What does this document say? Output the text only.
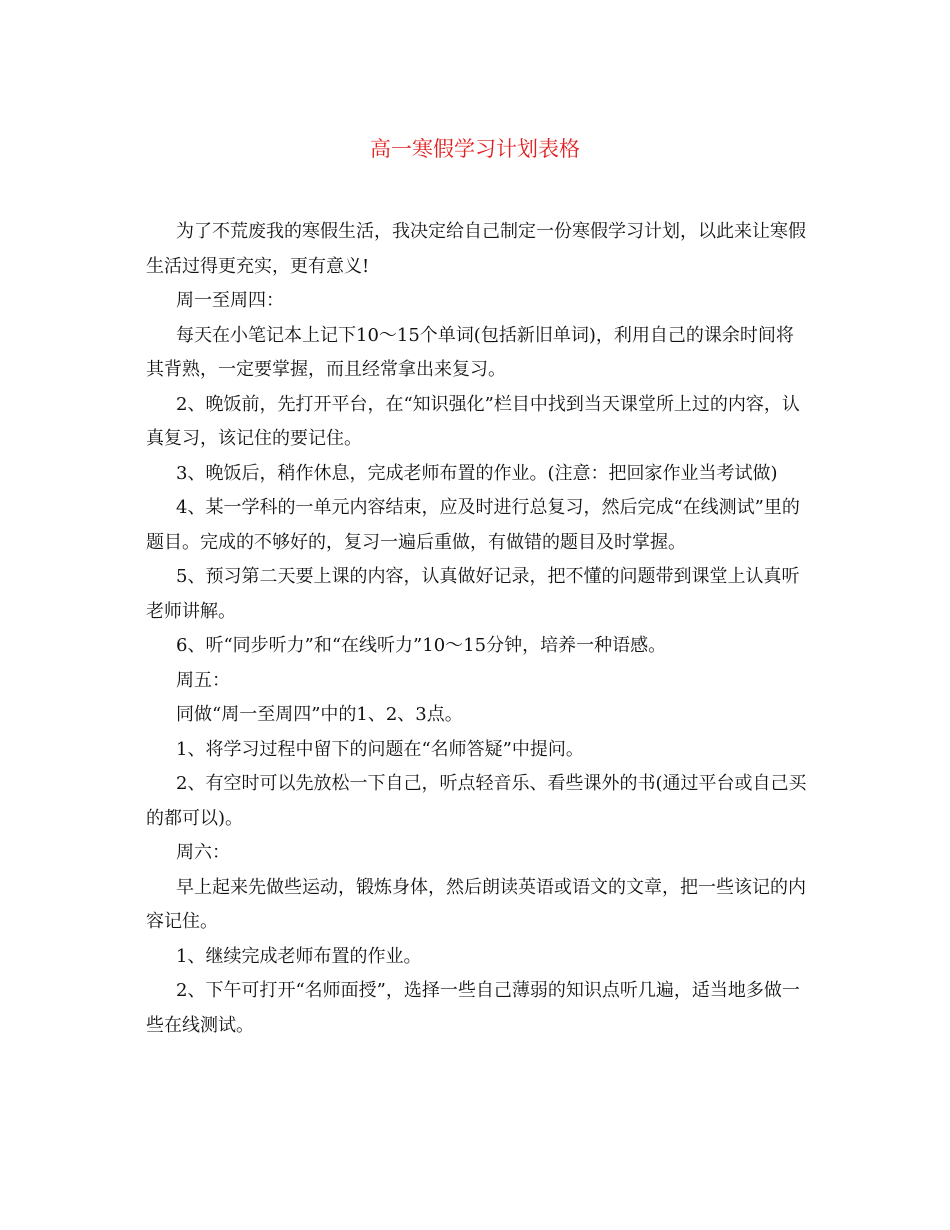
高一寒假学习计划表格

为了不荒废我的寒假生活，我决定给自己制定一份寒假学习计划，以此来让寒假生活过得更充实，更有意义!

周一至周四：

每天在小笔记本上记下10～15个单词(包括新旧单词)，利用自己的课余时间将其背熟，一定要掌握，而且经常拿出来复习。

2、晚饭前，先打开平台，在“知识强化”栏目中找到当天课堂所上过的内容，认真复习，该记住的要记住。

3、晚饭后，稍作休息，完成老师布置的作业。(注意：把回家作业当考试做)

4、某一学科的一单元内容结束，应及时进行总复习，然后完成“在线测试”里的题目。完成的不够好的，复习一遍后重做，有做错的题目及时掌握。

5、预习第二天要上课的内容，认真做好记录，把不懂的问题带到课堂上认真听老师讲解。

6、听“同步听力”和“在线听力”10～15分钟，培养一种语感。

周五：

同做“周一至周四”中的1、2、3点。

1、将学习过程中留下的问题在“名师答疑”中提问。

2、有空时可以先放松一下自己，听点轻音乐、看些课外的书(通过平台或自己买的都可以)。

周六：

早上起来先做些运动，锻炼身体，然后朗读英语或语文的文章，把一些该记的内容记住。

1、继续完成老师布置的作业。

2、下午可打开“名师面授”，选择一些自己薄弱的知识点听几遍，适当地多做一些在线测试。
